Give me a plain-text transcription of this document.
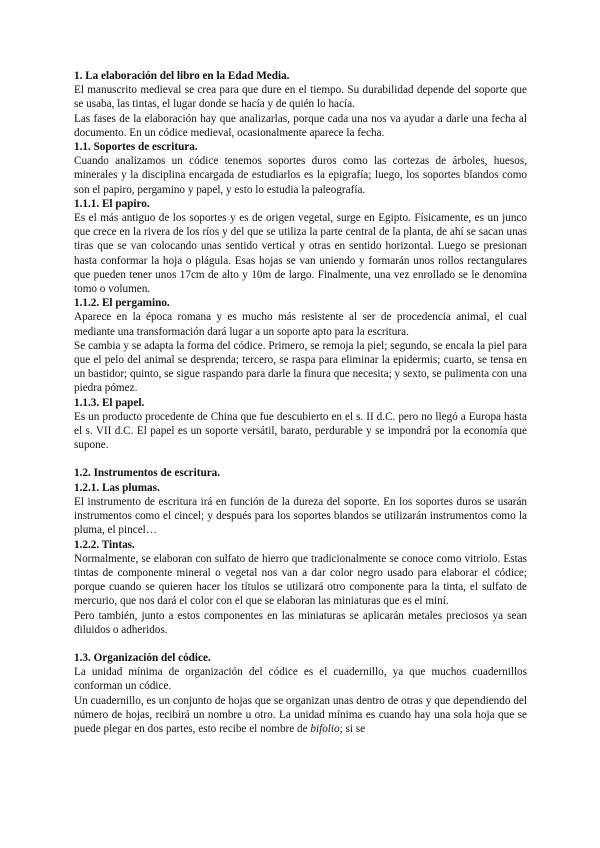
1. La elaboración del libro en la Edad Media.

El manuscrito medieval se crea para que dure en el tiempo. Su durabilidad depende del soporte que se usaba, las tintas, el lugar donde se hacía y de quién lo hacía.

Las fases de la elaboración hay que analizarlas, porque cada una nos va ayudar a darle una fecha al documento. En un códice medieval, ocasionalmente aparece la fecha.

1.1. Soportes de escritura.

Cuando analizamos un códice tenemos soportes duros como las cortezas de árboles, huesos, minerales y la disciplina encargada de estudiarlos es la epigrafía; luego, los soportes blandos como son el papiro, pergamino y papel, y esto lo estudia la paleografía.

1.1.1. El papiro.

Es el más antiguo de los soportes y es de origen vegetal, surge en Egipto. Físicamente, es un junco que crece en la rivera de los ríos y del que se utiliza la parte central de la planta, de ahí se sacan unas tiras que se van colocando unas sentido vertical y otras en sentido horizontal. Luego se presionan hasta conformar la hoja o plágula. Esas hojas se van uniendo y formarán unos rollos rectangulares que pueden tener unos 17cm de alto y 10m de largo. Finalmente, una vez enrollado se le denomina tomo o volumen.

1.1.2. El pergamino.

Aparece en la época romana y es mucho más resistente al ser de procedencia animal, el cual mediante una transformación dará lugar a un soporte apto para la escritura.

Se cambia y se adapta la forma del códice. Primero, se remoja la piel; segundo, se encala la piel para que el pelo del animal se desprenda; tercero, se raspa para eliminar la epidermis; cuarto, se tensa en un bastidor; quinto, se sigue raspando para darle la finura que necesita; y sexto, se pulimenta con una piedra pómez.

1.1.3. El papel.

Es un producto procedente de China que fue descubierto en el s. II d.C. pero no llegó a Europa hasta el s. VII d.C. El papel es un soporte versátil, barato, perdurable y se impondrá por la economía que supone.

1.2. Instrumentos de escritura.
1.2.1. Las plumas.

El instrumento de escritura irá en función de la dureza del soporte. En los soportes duros se usarán instrumentos como el cincel; y después para los soportes blandos se utilizarán instrumentos como la pluma, el pincel…

1.2.2. Tintas.

Normalmente, se elaboran con sulfato de hierro que tradicionalmente se conoce como vitriolo. Estas tintas de componente mineral o vegetal nos van a dar color negro usado para elaborar el códice; porque cuando se quieren hacer los títulos se utilizará otro componente para la tinta, el sulfato de mercurio, que nos dará el color con el que se elaboran las miniaturas que es el miní.

Pero también, junto a estos componentes en las miniaturas se aplicarán metales preciosos ya sean diluidos o adheridos.

1.3. Organización del códice.

La unidad mínima de organización del códice es el cuadernillo, ya que muchos cuadernillos conforman un códice.

Un cuadernillo, es un conjunto de hojas que se organizan unas dentro de otras y que dependiendo del número de hojas, recibirá un nombre u otro. La unidad mínima es cuando hay una sola hoja que se puede plegar en dos partes, esto recibe el nombre de bifolio; si se
